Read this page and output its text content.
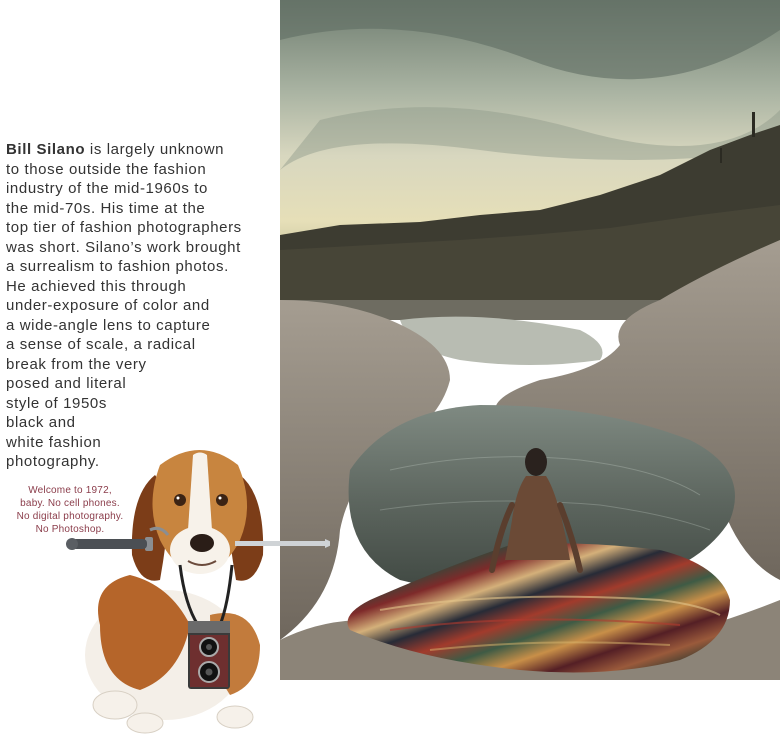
Bill Silano is largely unknown
to those outside the fashion
industry of the mid-1960s to
the mid-70s. His time at the
top tier of fashion photographers
was short. Silano’s work brought
a surrealism to fashion photos.
He achieved this through
under-exposure of color and
a wide-angle lens to capture
a sense of scale, a radical
break from the very
posed and literal
style of 1950s
black and
white fashion
photography.

Welcome to 1972,
baby. No cell phones.
No digital photography.
No Photoshop.
